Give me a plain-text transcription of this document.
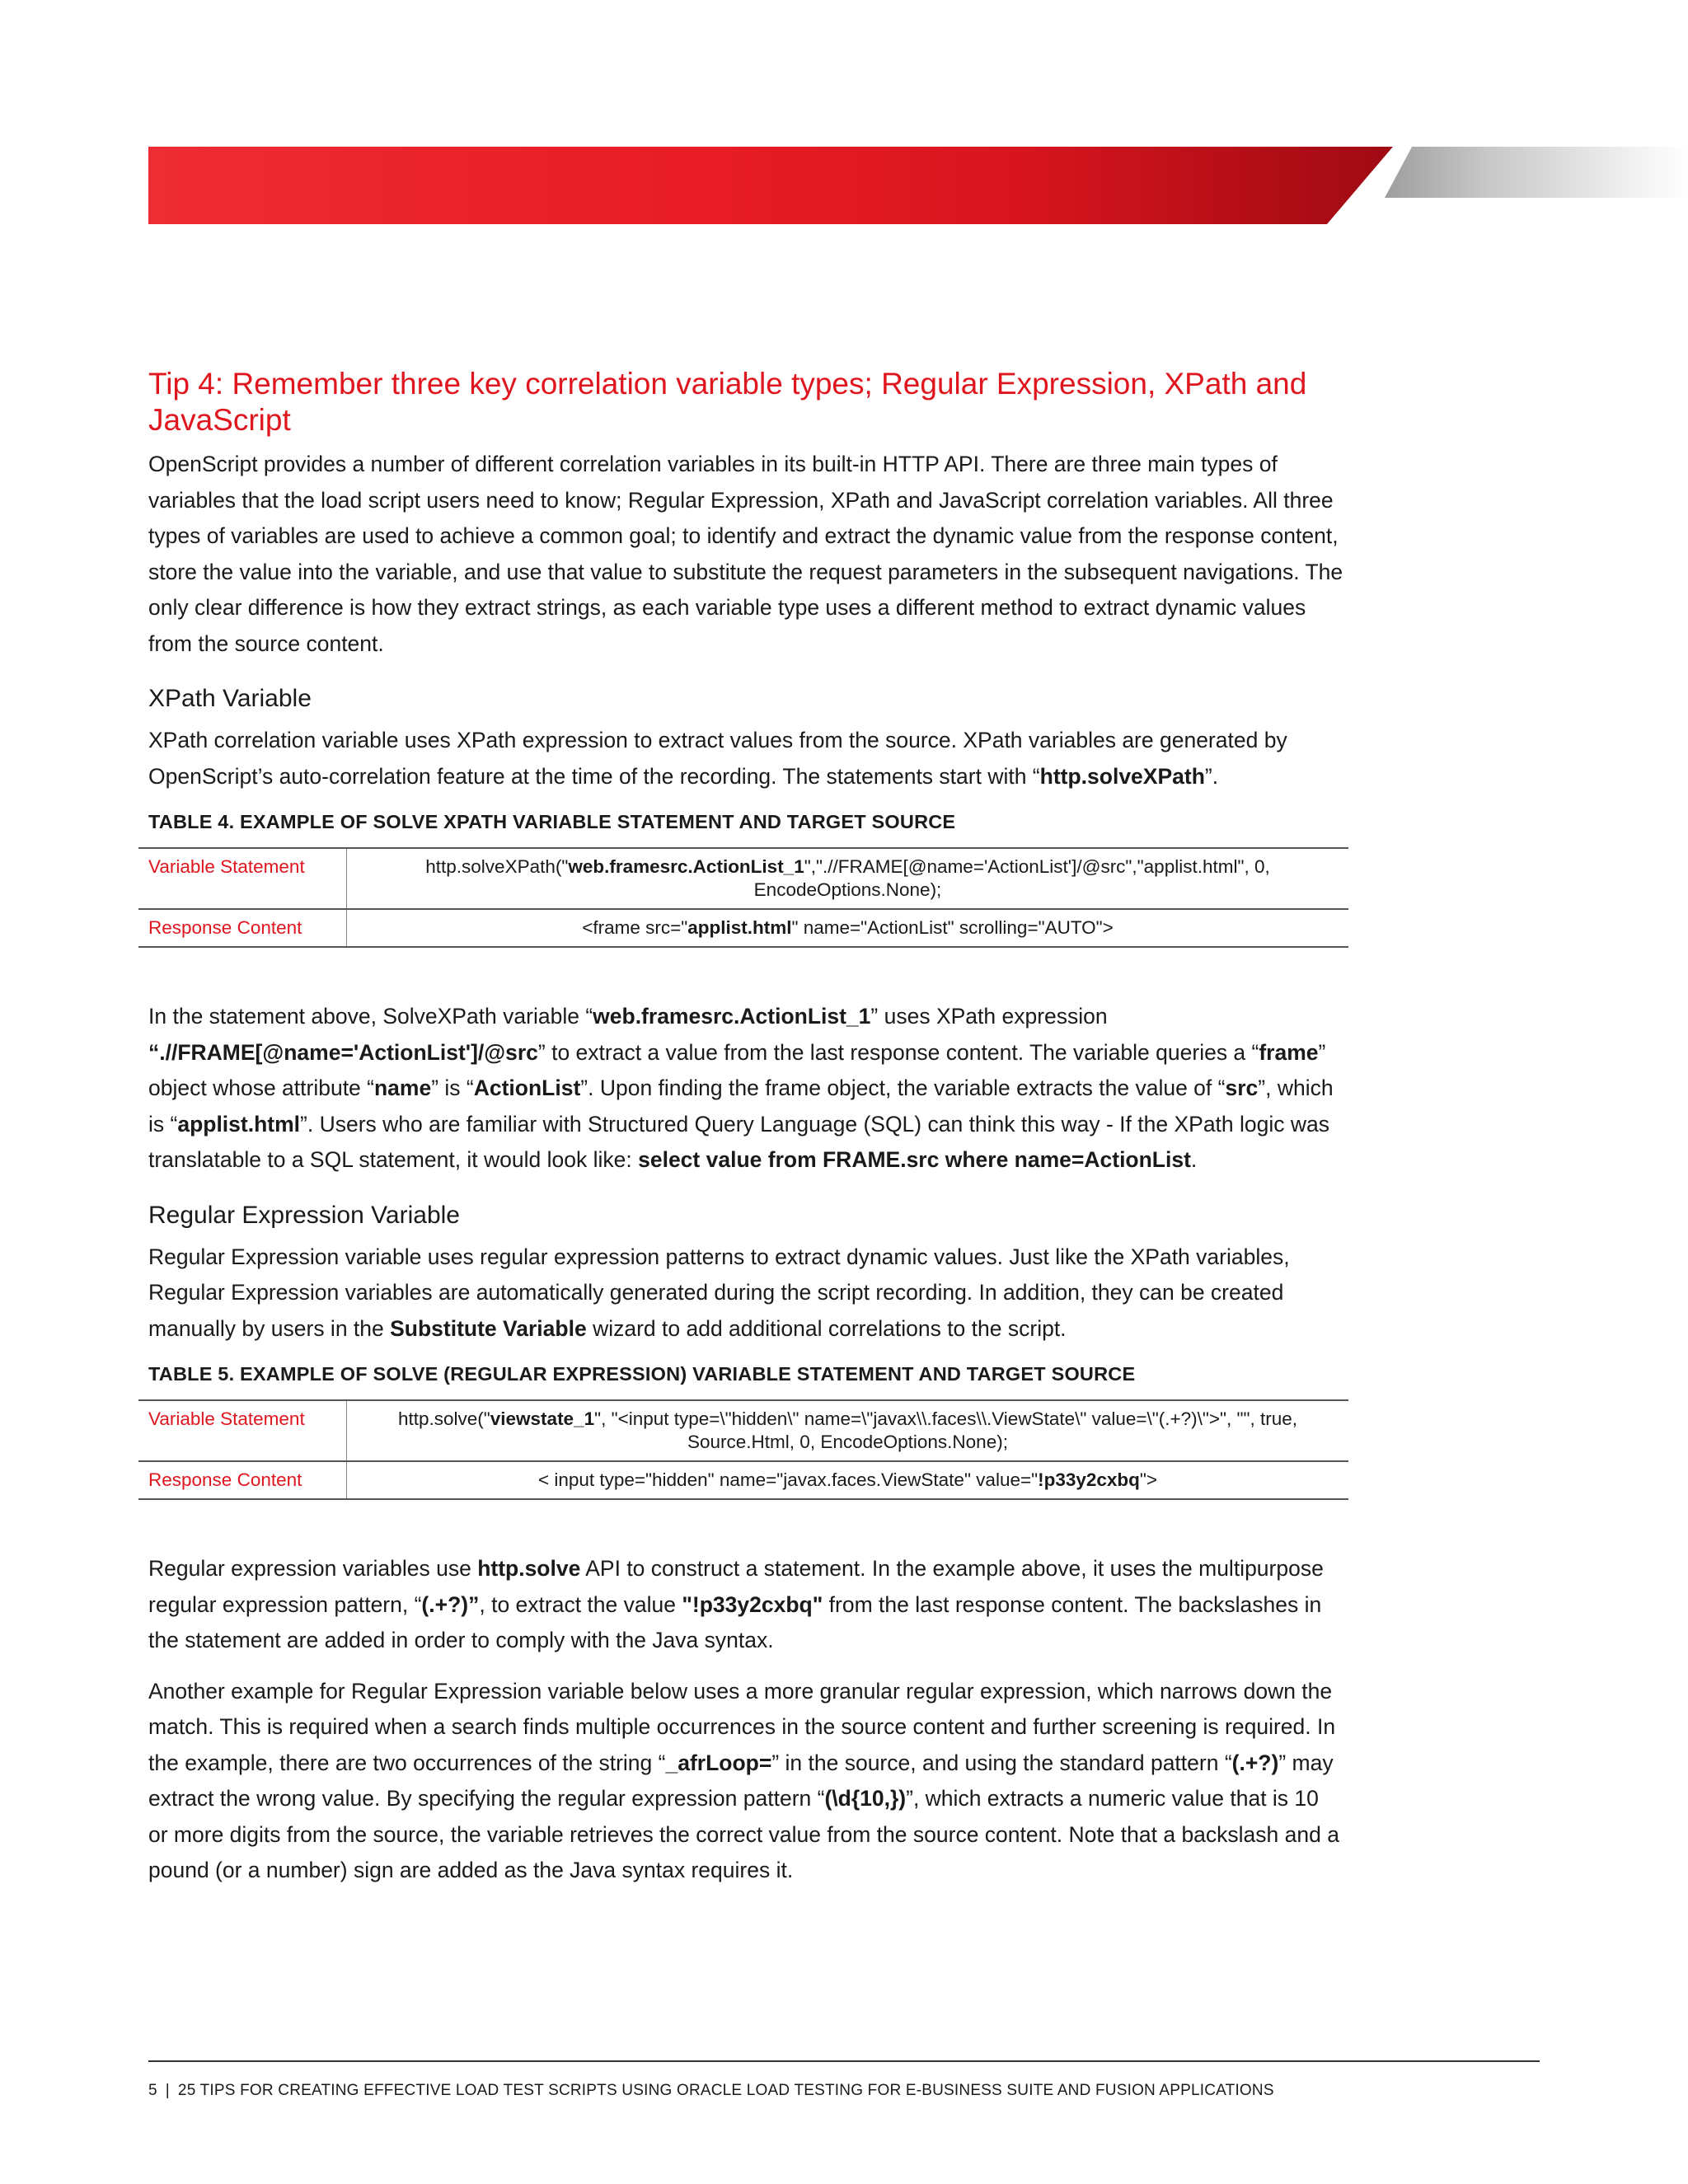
Tip 4: Remember three key correlation variable types; Regular Expression, XPath and JavaScript

OpenScript provides a number of different correlation variables in its built-in HTTP API. There are three main types of variables that the load script users need to know; Regular Expression, XPath and JavaScript correlation variables. All three types of variables are used to achieve a common goal; to identify and extract the dynamic value from the response content, store the value into the variable, and use that value to substitute the request parameters in the subsequent navigations. The only clear difference is how they extract strings, as each variable type uses a different method to extract dynamic values from the source content.

XPath Variable

XPath correlation variable uses XPath expression to extract values from the source. XPath variables are generated by OpenScript’s auto-correlation feature at the time of the recording. The statements start with “http.solveXPath”.

TABLE 4. EXAMPLE OF SOLVE XPATH VARIABLE STATEMENT AND TARGET SOURCE
Variable Statement	http.solveXPath("web.framesrc.ActionList_1",".//FRAME[@name='ActionList']/@src","applist.html", 0, EncodeOptions.None);
Response Content	<frame src="applist.html" name="ActionList" scrolling="AUTO">

In the statement above, SolveXPath variable “web.framesrc.ActionList_1” uses XPath expression “.//FRAME[@name='ActionList']/@src” to extract a value from the last response content. The variable queries a “frame” object whose attribute “name” is “ActionList”. Upon finding the frame object, the variable extracts the value of “src”, which is “applist.html”. Users who are familiar with Structured Query Language (SQL) can think this way - If the XPath logic was translatable to a SQL statement, it would look like: select value from FRAME.src where name=ActionList.

Regular Expression Variable

Regular Expression variable uses regular expression patterns to extract dynamic values. Just like the XPath variables, Regular Expression variables are automatically generated during the script recording. In addition, they can be created manually by users in the Substitute Variable wizard to add additional correlations to the script.

TABLE 5. EXAMPLE OF SOLVE (REGULAR EXPRESSION) VARIABLE STATEMENT AND TARGET SOURCE
Variable Statement	http.solve("viewstate_1", "<input type=\"hidden\" name=\"javax\\.faces\\.ViewState\" value=\"(.+?)\">", "", true, Source.Html, 0, EncodeOptions.None);
Response Content	< input type="hidden" name="javax.faces.ViewState" value="!p33y2cxbq">

Regular expression variables use http.solve API to construct a statement. In the example above, it uses the multipurpose regular expression pattern, “(.+?)”, to extract the value "!p33y2cxbq" from the last response content. The backslashes in the statement are added in order to comply with the Java syntax.

Another example for Regular Expression variable below uses a more granular regular expression, which narrows down the match. This is required when a search finds multiple occurrences in the source content and further screening is required. In the example, there are two occurrences of the string “_afrLoop=” in the source, and using the standard pattern “(.+?)” may extract the wrong value. By specifying the regular expression pattern “(\d{10,})”, which extracts a numeric value that is 10 or more digits from the source, the variable retrieves the correct value from the source content. Note that a backslash and a pound (or a number) sign are added as the Java syntax requires it.

5 | 25 TIPS FOR CREATING EFFECTIVE LOAD TEST SCRIPTS USING ORACLE LOAD TESTING FOR E-BUSINESS SUITE AND FUSION APPLICATIONS
